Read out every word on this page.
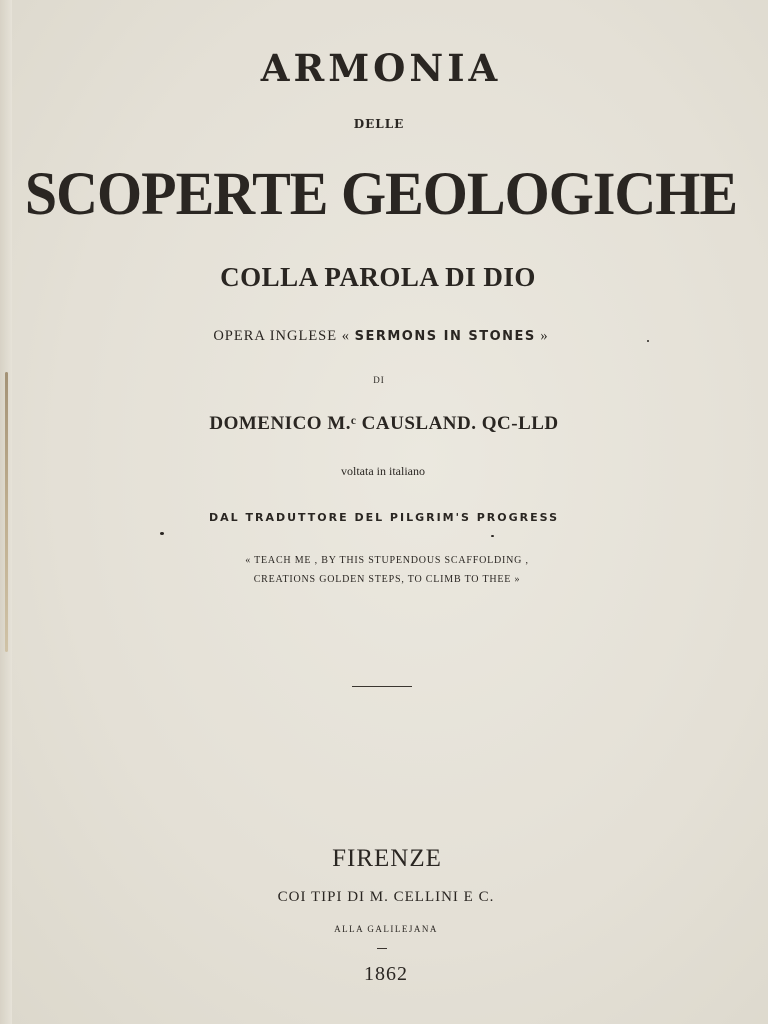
ARMONIA
DELLE
SCOPERTE GEOLOGICHE
COLLA PAROLA DI DIO
OPERA INGLESE « SERMONS IN STONES »
DI
DOMENICO M.ᶜ CAUSLAND. QC-LLD
voltata in italiano
DAL TRADUTTORE DEL PILGRIM'S PROGRESS
« TEACH ME , BY THIS STUPENDOUS SCAFFOLDING ,
CREATIONS GOLDEN STEPS, TO CLIMB TO THEE »
FIRENZE
COI TIPI DI M. CELLINI E C.
ALLA GALILEJANA
1862
